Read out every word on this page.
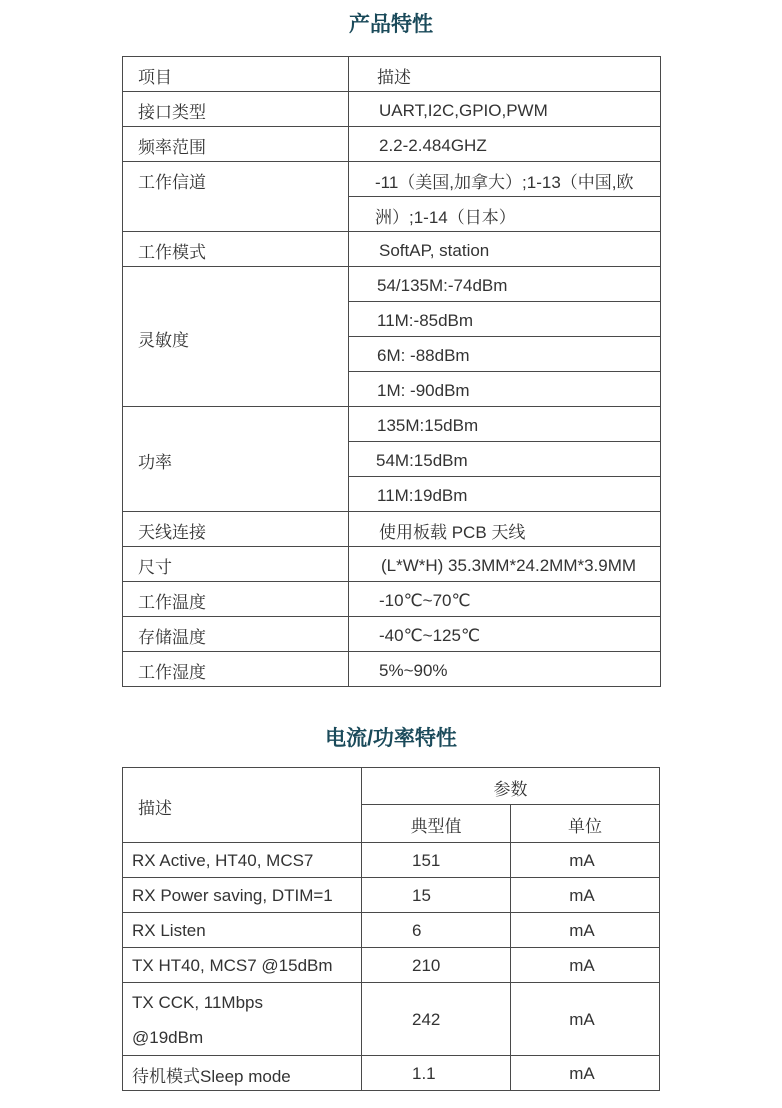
产品特性
项目	描述
接口类型	UART,I2C,GPIO,PWM
频率范围	2.2-2.484GHZ
工作信道	-11（美国,加拿大）;1-13（中国,欧
	洲）;1-14（日本）
工作模式	SoftAP, station
灵敏度	54/135M:-74dBm
	11M:-85dBm
	6M: -88dBm
	1M: -90dBm
功率	135M:15dBm
	54M:15dBm
	11M:19dBm
天线连接	使用板载 PCB 天线
尺寸	(L*W*H) 35.3MM*24.2MM*3.9MM
工作温度	-10℃~70℃
存储温度	-40℃~125℃
工作湿度	5%~90%
电流/功率特性
描述	参数	
	典型值	单位
RX Active, HT40, MCS7	151	mA
RX Power saving, DTIM=1	15	mA
RX Listen	6	mA
TX HT40, MCS7 @15dBm	210	mA

TX CCK, 11Mbps
@19dBm	242	mA
待机模式Sleep mode	1.1	mA
